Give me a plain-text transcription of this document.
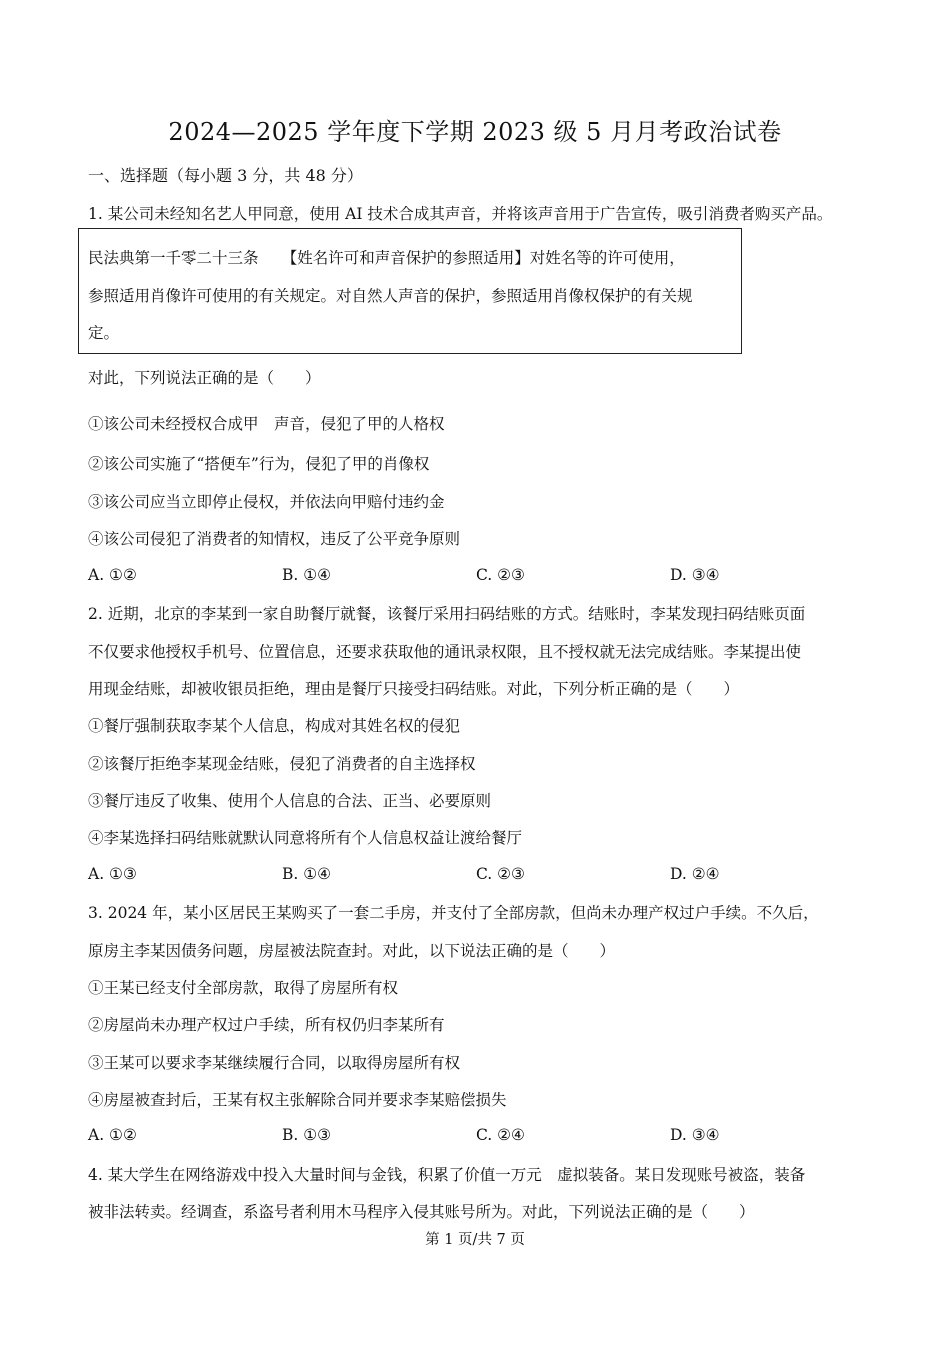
2024—2025 学年度下学期 2023 级 5 月月考政治试卷
一、选择题（每小题 3 分，共 48 分）
1. 某公司未经知名艺人甲同意，使用 AI 技术合成其声音，并将该声音用于广告宣传，吸引消费者购买产品。
民法典第一千零二十三条　　【姓名许可和声音保护的参照适用】对姓名等的许可使用，
参照适用肖像许可使用的有关规定。对自然人声音的保护，参照适用肖像权保护的有关规
定。
对此，下列说法正确的是（　　）
①该公司未经授权合成甲　声音，侵犯了甲的人格权
②该公司实施了“搭便车”行为，侵犯了甲的肖像权
③该公司应当立即停止侵权，并依法向甲赔付违约金
④该公司侵犯了消费者的知情权，违反了公平竞争原则
A. ①②	B. ①④	C. ②③	D. ③④
2. 近期，北京的李某到一家自助餐厅就餐，该餐厅采用扫码结账的方式。结账时，李某发现扫码结账页面
不仅要求他授权手机号、位置信息，还要求获取他的通讯录权限，且不授权就无法完成结账。李某提出使
用现金结账，却被收银员拒绝，理由是餐厅只接受扫码结账。对此，下列分析正确的是（　　）
①餐厅强制获取李某个人信息，构成对其姓名权的侵犯
②该餐厅拒绝李某现金结账，侵犯了消费者的自主选择权
③餐厅违反了收集、使用个人信息的合法、正当、必要原则
④李某选择扫码结账就默认同意将所有个人信息权益让渡给餐厅
A. ①③	B. ①④	C. ②③	D. ②④
3. 2024 年，某小区居民王某购买了一套二手房，并支付了全部房款，但尚未办理产权过户手续。不久后，
原房主李某因债务问题，房屋被法院查封。对此，以下说法正确的是（　　）
①王某已经支付全部房款，取得了房屋所有权
②房屋尚未办理产权过户手续，所有权仍归李某所有
③王某可以要求李某继续履行合同，以取得房屋所有权
④房屋被查封后，王某有权主张解除合同并要求李某赔偿损失
A. ①②	B. ①③	C. ②④	D. ③④
4. 某大学生在网络游戏中投入大量时间与金钱，积累了价值一万元　虚拟装备。某日发现账号被盗，装备
被非法转卖。经调查，系盗号者利用木马程序入侵其账号所为。对此，下列说法正确的是（　　）
第 1 页/共 7 页
